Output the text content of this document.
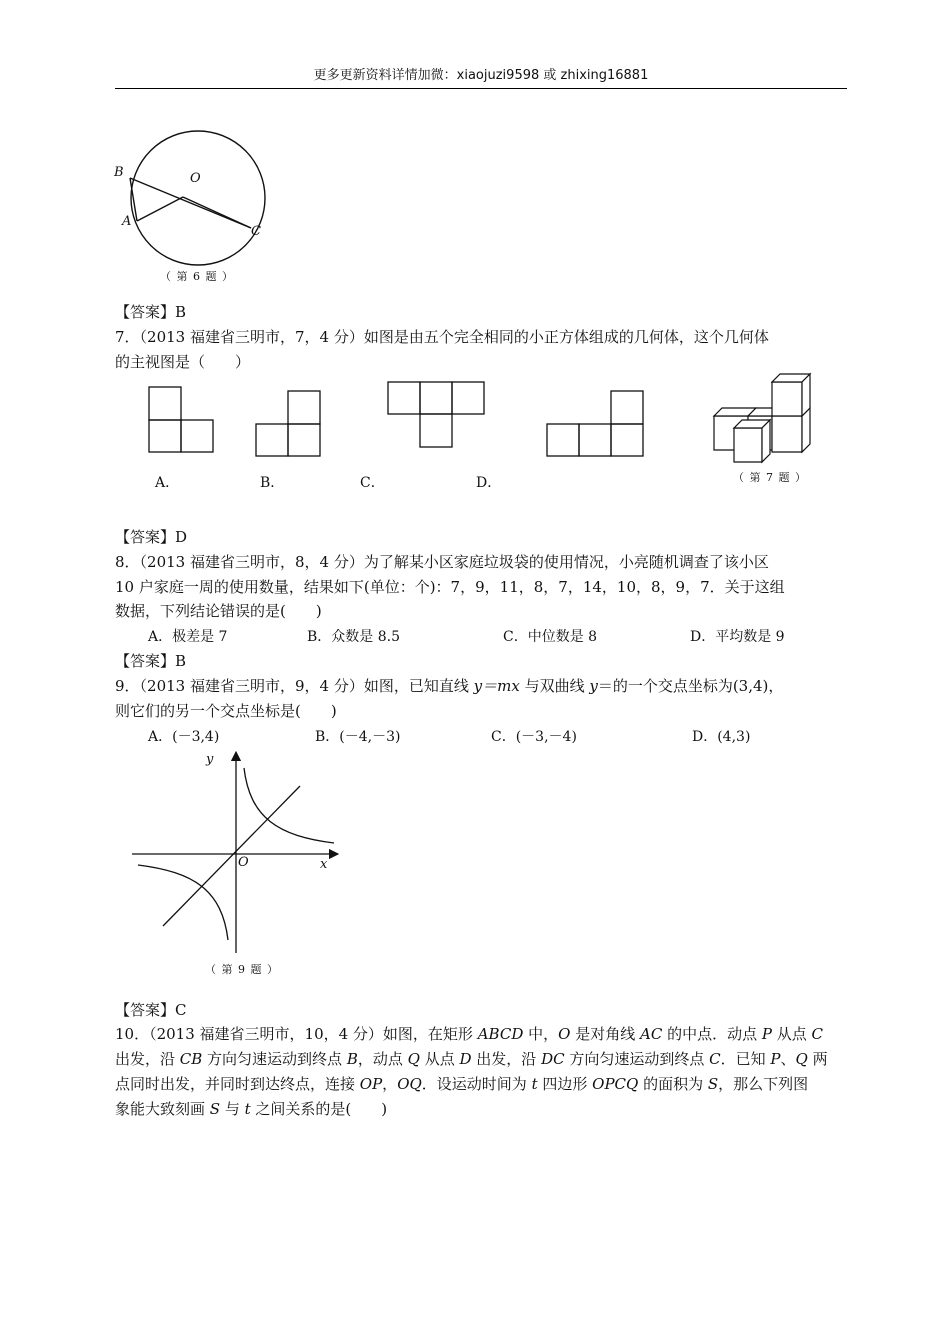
更多更新资料详情加微：xiaojuzi9598 或 zhixing16881
B	O
A
C
（ 第 6 题 ）
【答案】B
7．（2013 福建省三明市，7，4 分）如图是由五个完全相同的小正方体组成的几何体，这个几何体
的主视图是（　　）
A．	B．	C．	D．	（ 第 7 题 ）
【答案】D
8．（2013 福建省三明市，8，4 分）为了解某小区家庭垃圾袋的使用情况，小亮随机调查了该小区
10 户家庭一周的使用数量，结果如下(单位：个)：7，9，11，8，7，14，10，8，9，7．关于这组
数据，下列结论错误的是(　　)
A．极差是 7	B．众数是 8.5	C．中位数是 8	D．平均数是 9
【答案】B
9．（2013 福建省三明市，9，4 分）如图，已知直线 y＝mx 与双曲线 y＝的一个交点坐标为(3,4)，
则它们的另一个交点坐标是(　　)
A．(－3,4)	B．(－4,－3)	C．(－3,－4)	D．(4,3)
y
x
O
（ 第 9 题 ）
【答案】C
10．（2013 福建省三明市，10，4 分）如图，在矩形 ABCD 中，O 是对角线 AC 的中点．动点 P 从点 C
出发，沿 CB 方向匀速运动到终点 B，动点 Q 从点 D 出发，沿 DC 方向匀速运动到终点 C．已知 P、Q 两
点同时出发，并同时到达终点，连接 OP，OQ．设运动时间为 t 四边形 OPCQ 的面积为 S，那么下列图
象能大致刻画 S 与 t 之间关系的是(　　)
